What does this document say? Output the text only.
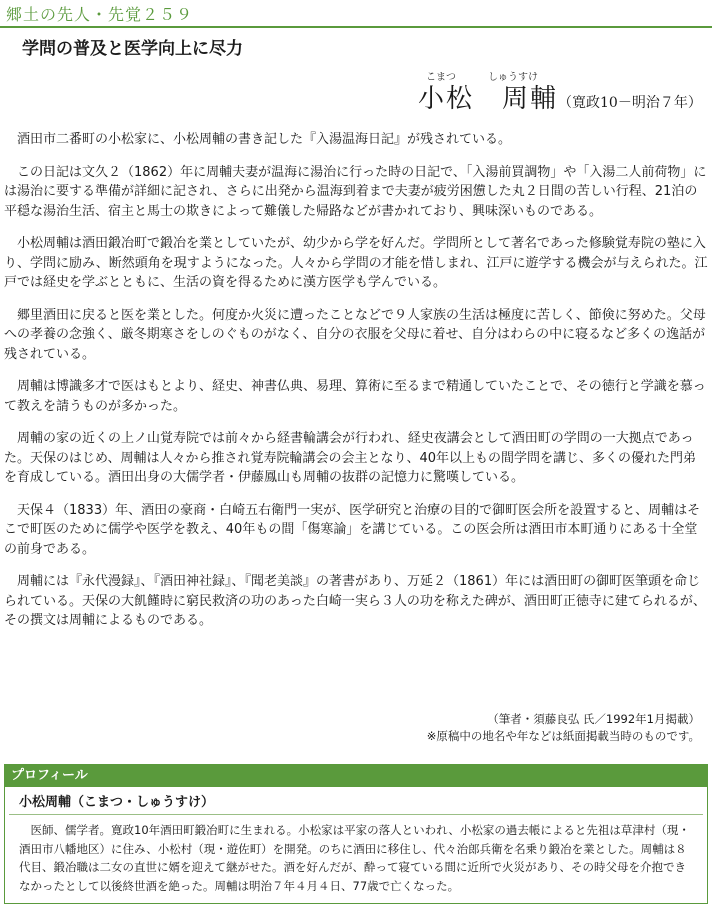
郷土の先人・先覚２５９
学問の普及と医学向上に尽力
こまつ	しゅうすけ
小松　周輔 （寛政10－明治７年）

酒田市二番町の小松家に、小松周輔の書き記した『入湯温海日記』が残されている。

この日記は文久２（1862）年に周輔夫妻が温海に湯治に行った時の日記で、「入湯前買調物」や「入湯二人前荷物」には湯治に要する準備が詳細に記され、さらに出発から温海到着まで夫妻が疲労困憊した丸２日間の苦しい行程、21泊の平穏な湯治生活、宿主と馬士の欺きによって難儀した帰路などが書かれており、興味深いものである。

小松周輔は酒田鍛冶町で鍛冶を業としていたが、幼少から学を好んだ。学問所として著名であった修験覚寿院の塾に入り、学問に励み、断然頭角を現すようになった。人々から学問の才能を惜しまれ、江戸に遊学する機会が与えられた。江戸では経史を学ぶとともに、生活の資を得るために漢方医学も学んでいる。

郷里酒田に戻ると医を業とした。何度か火災に遭ったことなどで９人家族の生活は極度に苦しく、節倹に努めた。父母への孝養の念強く、厳冬期寒さをしのぐものがなく、自分の衣服を父母に着せ、自分はわらの中に寝るなど多くの逸話が残されている。

周輔は博識多才で医はもとより、経史、神書仏典、易理、算術に至るまで精通していたことで、その徳行と学識を慕って教えを請うものが多かった。

周輔の家の近くの上ノ山覚寿院では前々から経書輪講会が行われ、経史夜講会として酒田町の学問の一大拠点であった。天保のはじめ、周輔は人々から推され覚寿院輪講会の会主となり、40年以上もの間学問を講じ、多くの優れた門弟を育成している。酒田出身の大儒学者・伊藤鳳山も周輔の抜群の記憶力に驚嘆している。

天保４（1833）年、酒田の豪商・白崎五右衛門一実が、医学研究と治療の目的で御町医会所を設置すると、周輔はそこで町医のために儒学や医学を教え、40年もの間「傷寒論」を講じている。この医会所は酒田市本町通りにある十全堂の前身である。

周輔には『永代漫録』、『酒田神社録』、『聞老美談』の著書があり、万延２（1861）年には酒田町の御町医筆頭を命じられている。天保の大飢饉時に窮民救済の功のあった白崎一実ら３人の功を称えた碑が、酒田町正徳寺に建てられるが、その撰文は周輔によるものである。

（筆者・須藤良弘 氏／1992年1月掲載）
※原稿中の地名や年などは紙面掲載当時のものです。
プロフィール
小松周輔（こまつ・しゅうすけ）
医師、儒学者。寛政10年酒田町鍛冶町に生まれる。小松家は平家の落人といわれ、小松家の過去帳によると先祖は草津村（現・酒田市八幡地区）に住み、小松村（現・遊佐町）を開発。のちに酒田に移住し、代々治郎兵衛を名乗り鍛冶を業とした。周輔は８代目、鍛冶職は二女の直世に婿を迎えて継がせた。酒を好んだが、酔って寝ている間に近所で火災があり、その時父母を介抱できなかったとして以後終世酒を絶った。周輔は明治７年４月４日、77歳で亡くなった。
